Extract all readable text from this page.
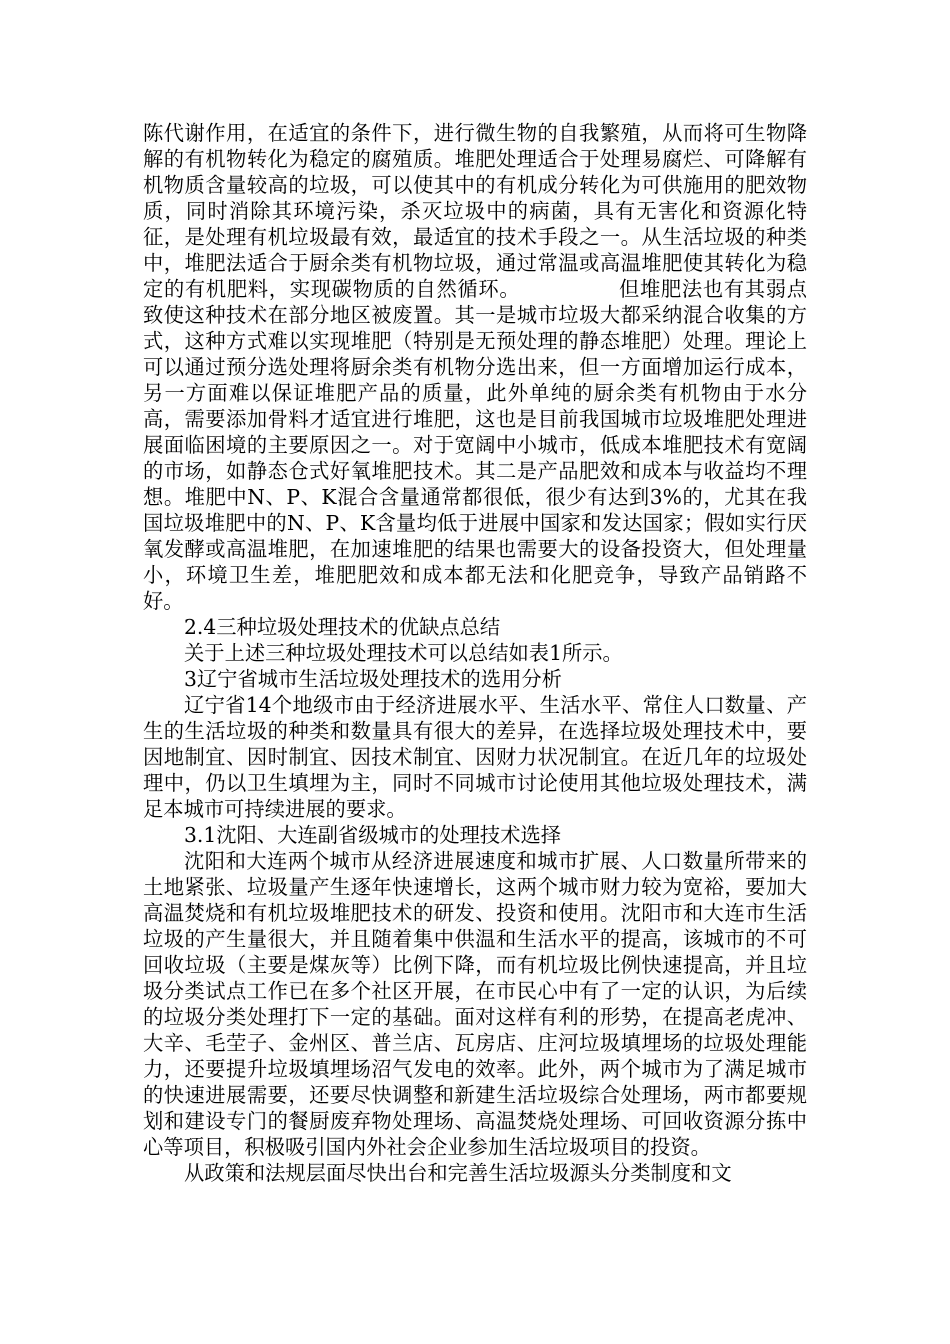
陈代谢作用，在适宜的条件下，进行微生物的自我繁殖，从而将可生物降解的有机物转化为稳定的腐殖质。堆肥处理适合于处理易腐烂、可降解有机物质含量较高的垃圾，可以使其中的有机成分转化为可供施用的肥效物质，同时消除其环境污染，杀灭垃圾中的病菌，具有无害化和资源化特征，是处理有机垃圾最有效，最适宜的技术手段之一。从生活垃圾的种类中，堆肥法适合于厨余类有机物垃圾，通过常温或高温堆肥使其转化为稳定的有机肥料，实现碳物质的自然循环。	但堆肥法也有其弱点致使这种技术在部分地区被废置。其一是城市垃圾大都采纳混合收集的方式，这种方式难以实现堆肥（特别是无预处理的静态堆肥）处理。理论上可以通过预分选处理将厨余类有机物分选出来，但一方面增加运行成本，另一方面难以保证堆肥产品的质量，此外单纯的厨余类有机物由于水分高，需要添加骨料才适宜进行堆肥，这也是目前我国城市垃圾堆肥处理进展面临困境的主要原因之一。对于宽阔中小城市，低成本堆肥技术有宽阔的市场，如静态仓式好氧堆肥技术。其二是产品肥效和成本与收益均不理想。堆肥中N、P、K混合含量通常都很低，很少有达到3%的，尤其在我国垃圾堆肥中的N、P、K含量均低于进展中国家和发达国家；假如实行厌氧发酵或高温堆肥，在加速堆肥的结果也需要大的设备投资大，但处理量小，环境卫生差，堆肥肥效和成本都无法和化肥竞争，导致产品销路不好。

2.4三种垃圾处理技术的优缺点总结

关于上述三种垃圾处理技术可以总结如表1所示。

3辽宁省城市生活垃圾处理技术的选用分析

辽宁省14个地级市由于经济进展水平、生活水平、常住人口数量、产生的生活垃圾的种类和数量具有很大的差异，在选择垃圾处理技术中，要因地制宜、因时制宜、因技术制宜、因财力状况制宜。在近几年的垃圾处理中，仍以卫生填埋为主，同时不同城市讨论使用其他垃圾处理技术，满足本城市可持续进展的要求。

3.1沈阳、大连副省级城市的处理技术选择

沈阳和大连两个城市从经济进展速度和城市扩展、人口数量所带来的土地紧张、垃圾量产生逐年快速增长，这两个城市财力较为宽裕，要加大高温焚烧和有机垃圾堆肥技术的研发、投资和使用。沈阳市和大连市生活垃圾的产生量很大，并且随着集中供温和生活水平的提高，该城市的不可回收垃圾（主要是煤灰等）比例下降，而有机垃圾比例快速提高，并且垃圾分类试点工作已在多个社区开展，在市民心中有了一定的认识，为后续的垃圾分类处理打下一定的基础。面对这样有利的形势，在提高老虎冲、大辛、毛茔子、金州区、普兰店、瓦房店、庄河垃圾填埋场的垃圾处理能力，还要提升垃圾填埋场沼气发电的效率。此外，两个城市为了满足城市的快速进展需要，还要尽快调整和新建生活垃圾综合处理场，两市都要规划和建设专门的餐厨废弃物处理场、高温焚烧处理场、可回收资源分拣中心等项目，积极吸引国内外社会企业参加生活垃圾项目的投资。

从政策和法规层面尽快出台和完善生活垃圾源头分类制度和文
